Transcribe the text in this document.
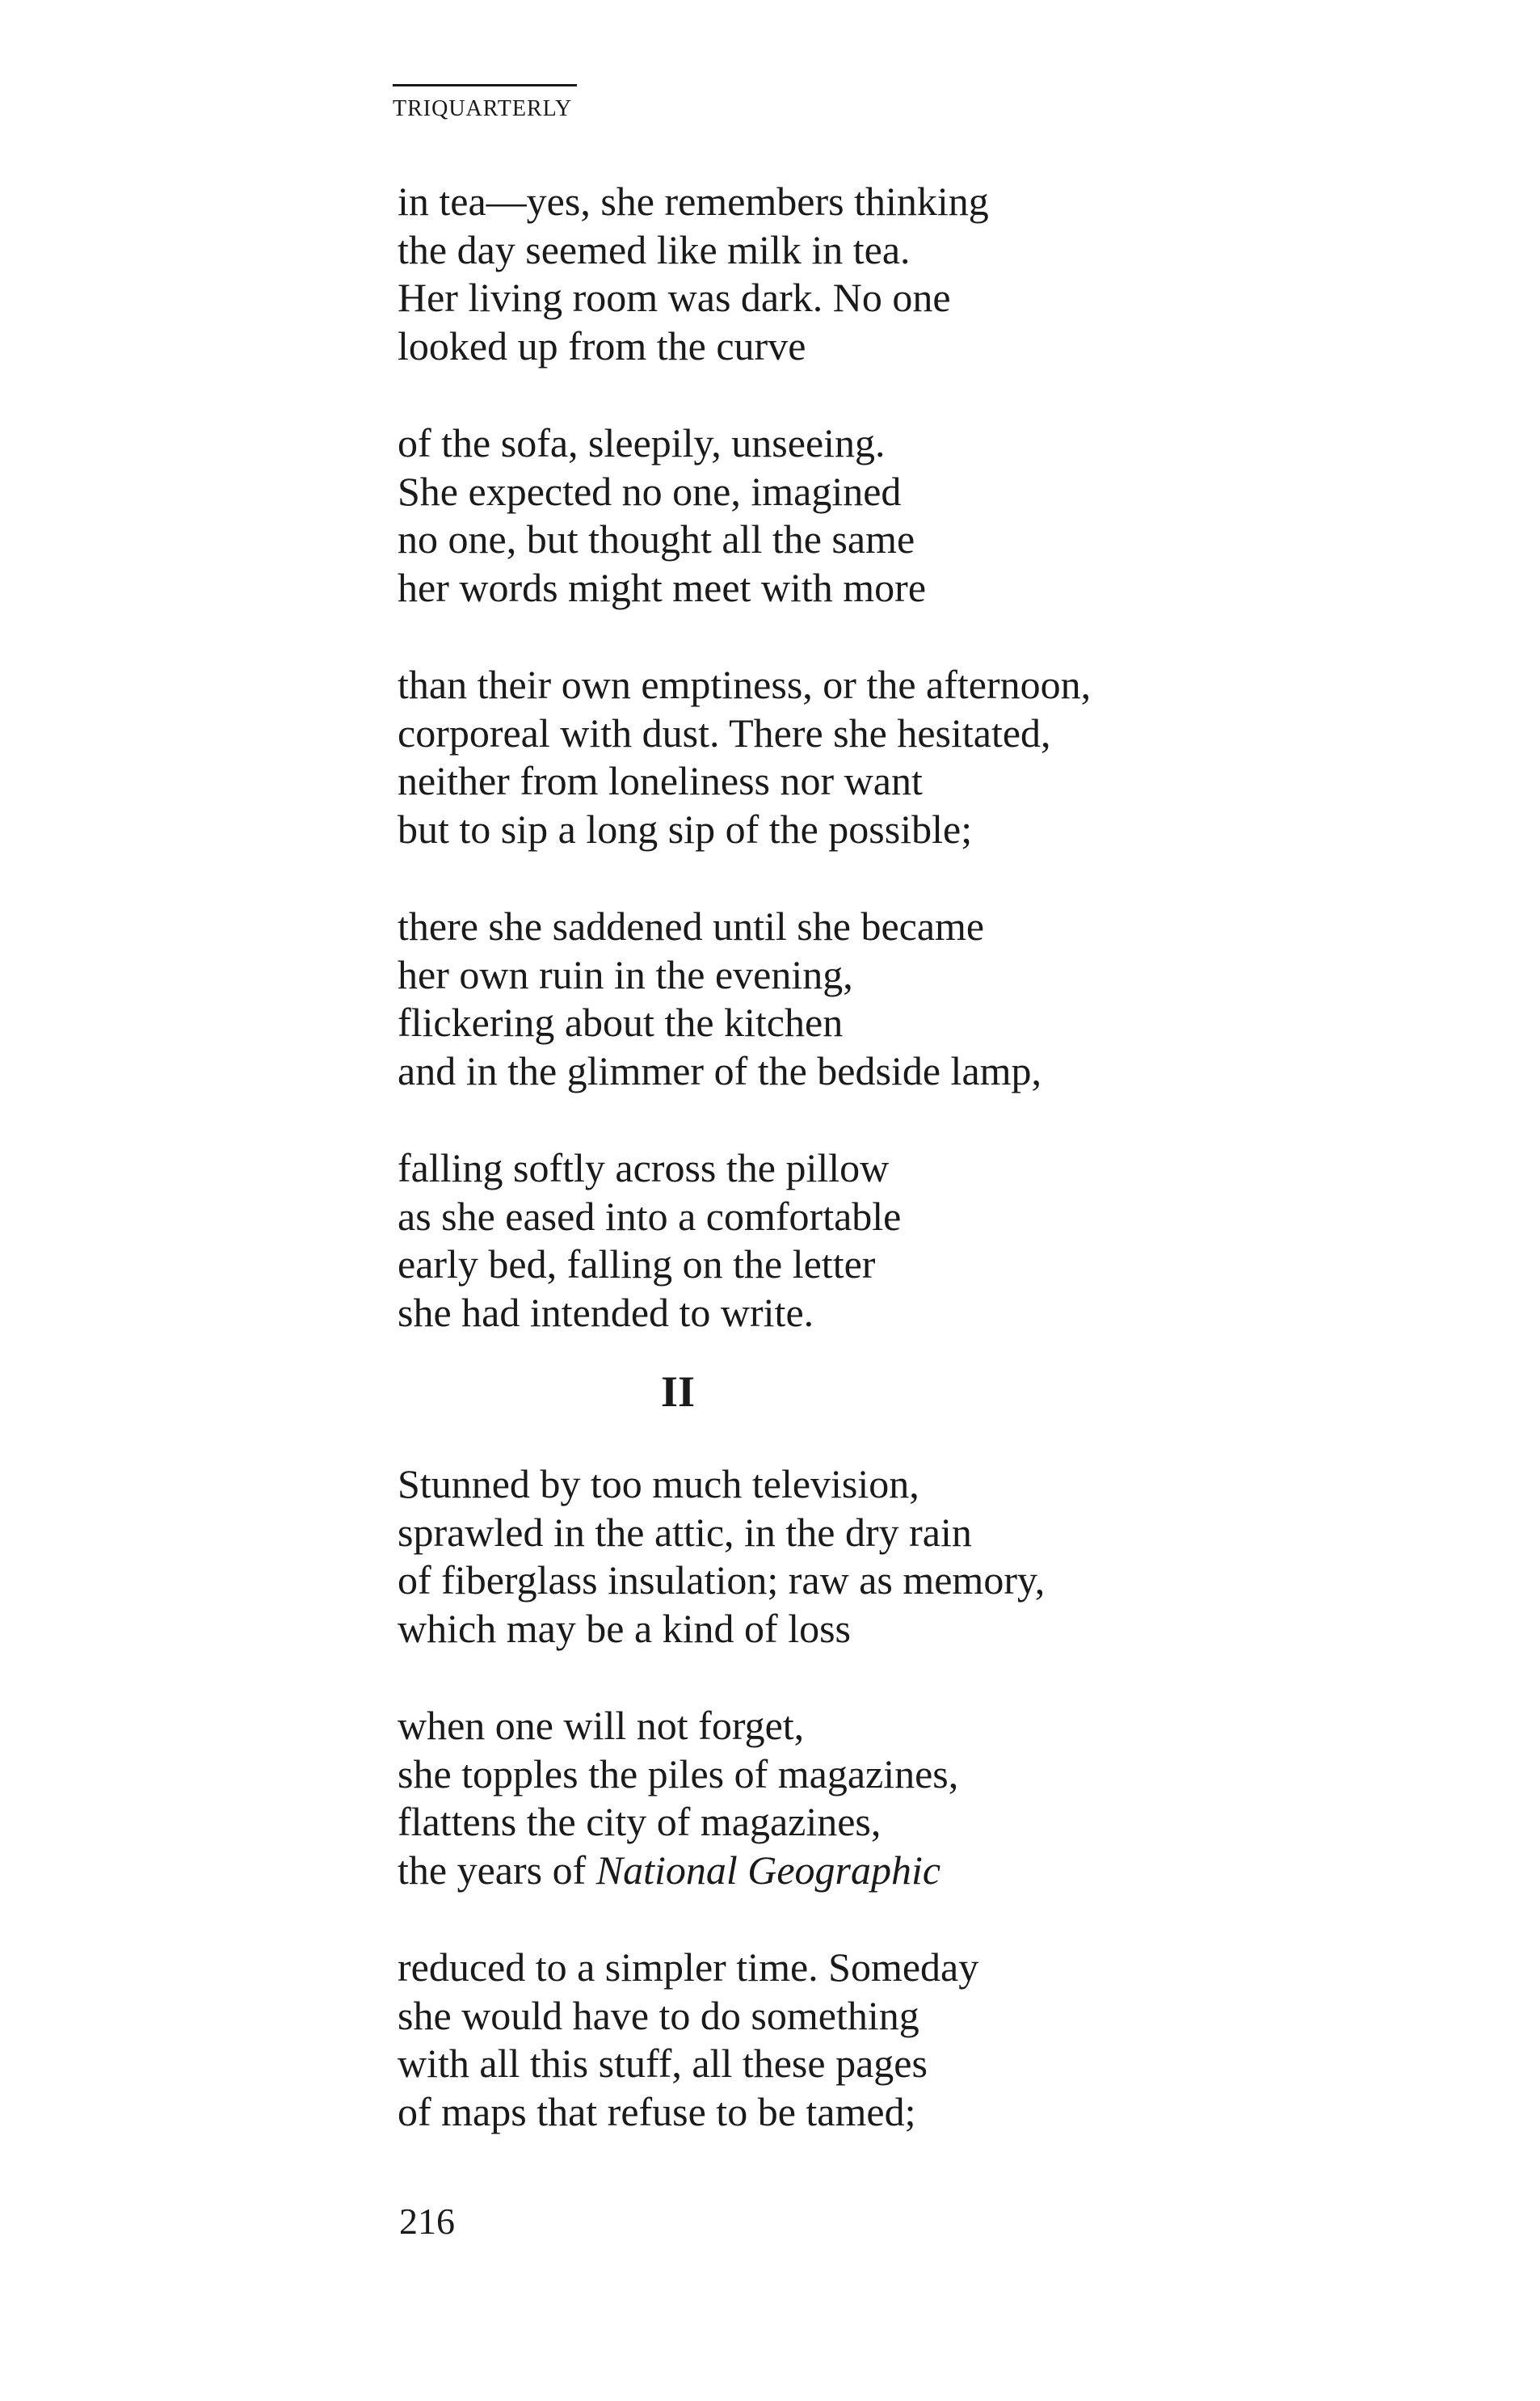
TRIQUARTERLY
in tea—yes, she remembers thinking
the day seemed like milk in tea.
Her living room was dark. No one
looked up from the curve
of the sofa, sleepily, unseeing.
She expected no one, imagined
no one, but thought all the same
her words might meet with more
than their own emptiness, or the afternoon,
corporeal with dust. There she hesitated,
neither from loneliness nor want
but to sip a long sip of the possible;
there she saddened until she became
her own ruin in the evening,
flickering about the kitchen
and in the glimmer of the bedside lamp,
falling softly across the pillow
as she eased into a comfortable
early bed, falling on the letter
she had intended to write.
II
Stunned by too much television,
sprawled in the attic, in the dry rain
of fiberglass insulation; raw as memory,
which may be a kind of loss
when one will not forget,
she topples the piles of magazines,
flattens the city of magazines,
the years of National Geographic
reduced to a simpler time. Someday
she would have to do something
with all this stuff, all these pages
of maps that refuse to be tamed;
216
